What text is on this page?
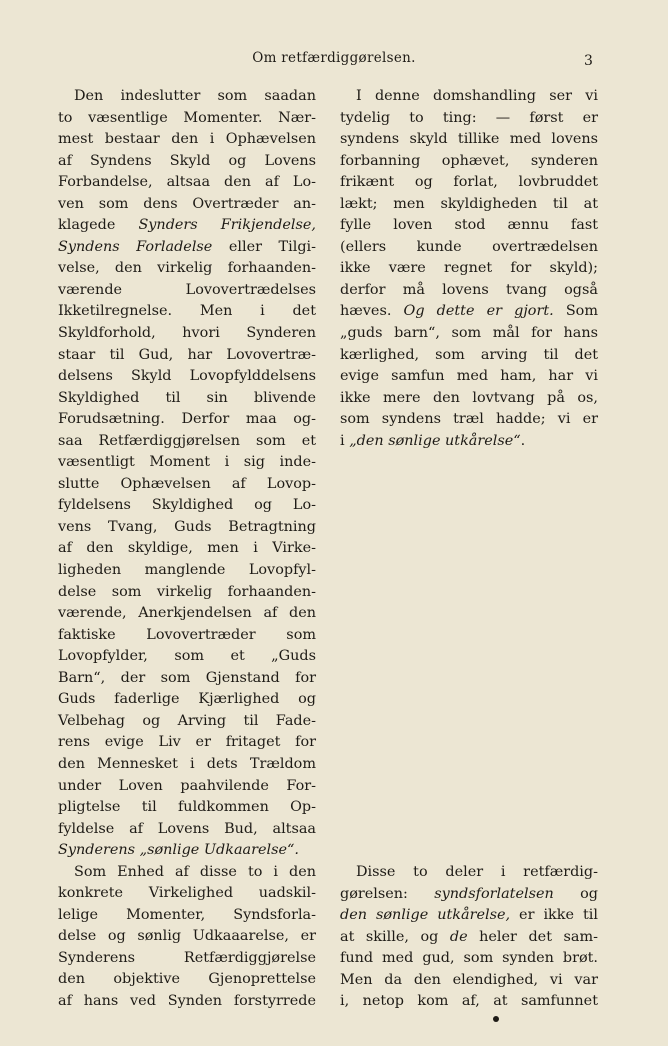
Om retfærdiggørelsen.	3
Den indeslutter som saadan
to væsentlige Momenter. Nær-
mest bestaar den i Ophævelsen
af Syndens Skyld og Lovens
Forbandelse, altsaa den af Lo-
ven som dens Overtræder an-
klagede Synders Frikjendelse,
Syndens Forladelse eller Tilgi-
velse, den virkelig forhaanden-
værende Lovovertrædelses
Ikketilregnelse. Men i det
Skyldforhold, hvori Synderen
staar til Gud, har Lovovertræ-
delsens Skyld Lovopfylddelsens
Skyldighed til sin blivende
Forudsætning. Derfor maa og-
saa Retfærdiggjørelsen som et
væsentligt Moment i sig inde-
slutte Ophævelsen af Lovop-
fyldelsens Skyldighed og Lo-
vens Tvang, Guds Betragtning
af den skyldige, men i Virke-
ligheden manglende Lovopfyl-
delse som virkelig forhaanden-
værende, Anerkjendelsen af den
faktiske Lovovertræder som
Lovopfylder, som et „Guds
Barn“, der som Gjenstand for
Guds faderlige Kjærlighed og
Velbehag og Arving til Fade-
rens evige Liv er fritaget for
den Mennesket i dets Trældom
under Loven paahvilende For-
pligtelse til fuldkommen Op-
fyldelse af Lovens Bud, altsaa
Synderens „sønlige Udkaarelse“.
Som Enhed af disse to i den
konkrete Virkelighed uadskil-
lelige Momenter, Syndsforla-
delse og sønlig Udkaaarelse, er
Synderens Retfærdiggjørelse
den objektive Gjenoprettelse
af hans ved Synden forstyrrede
I denne domshandling ser vi
tydelig to ting: — først er
syndens skyld tillike med lovens
forbanning ophævet, synderen
frikænt og forlat, lovbruddet
lækt; men skyldigheden til at
fylle loven stod ænnu fast
(ellers kunde overtrædelsen
ikke være regnet for skyld);
derfor må lovens tvang også
hæves. Og dette er gjort. Som
„guds barn“, som mål for hans
kærlighed, som arving til det
evige samfun med ham, har vi
ikke mere den lovtvang på os,
som syndens træl hadde; vi er
i „den sønlige utkårelse“.
Disse to deler i retfærdig-
gørelsen: syndsforlatelsen og
den sønlige utkårelse, er ikke til
at skille, og de heler det sam-
fund med gud, som synden brøt.
Men da den elendighed, vi var
i, netop kom af, at samfunnet
